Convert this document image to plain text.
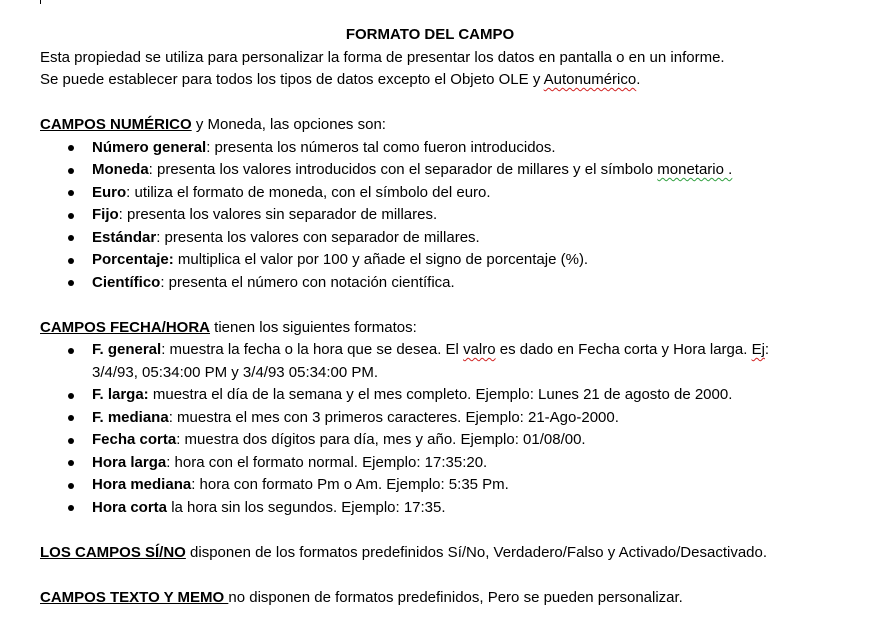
FORMATO DEL CAMPO

Esta propiedad se utiliza para personalizar la forma de presentar los datos en pantalla o en un informe.

Se puede establecer para todos los tipos de datos excepto el Objeto OLE y Autonumérico.

CAMPOS NUMÉRICO y Moneda, las opciones son:

Número general: presenta los números tal como fueron introducidos.
Moneda: presenta los valores introducidos con el separador de millares y el símbolo monetario .
Euro: utiliza el formato de moneda, con el símbolo del euro.
Fijo: presenta los valores sin separador de millares.
Estándar: presenta los valores con separador de millares.
Porcentaje: multiplica el valor por 100 y añade el signo de porcentaje (%).
Científico: presenta el número con notación científica.

CAMPOS FECHA/HORA tienen los siguientes formatos:

F. general: muestra la fecha o la hora que se desea. El valro es dado en Fecha corta y Hora larga. Ej:
3/4/93, 05:34:00 PM y 3/4/93 05:34:00 PM.
F. larga: muestra el día de la semana y el mes completo. Ejemplo: Lunes 21 de agosto de 2000.
F. mediana: muestra el mes con 3 primeros caracteres. Ejemplo: 21-Ago-2000.
Fecha corta: muestra dos dígitos para día, mes y año. Ejemplo: 01/08/00.
Hora larga: hora con el formato normal. Ejemplo: 17:35:20.
Hora mediana: hora con formato Pm o Am. Ejemplo: 5:35 Pm.
Hora corta la hora sin los segundos. Ejemplo: 17:35.

LOS CAMPOS SÍ/NO disponen de los formatos predefinidos Sí/No, Verdadero/Falso y Activado/Desactivado.

CAMPOS TEXTO Y MEMO no disponen de formatos predefinidos, Pero se pueden personalizar.
